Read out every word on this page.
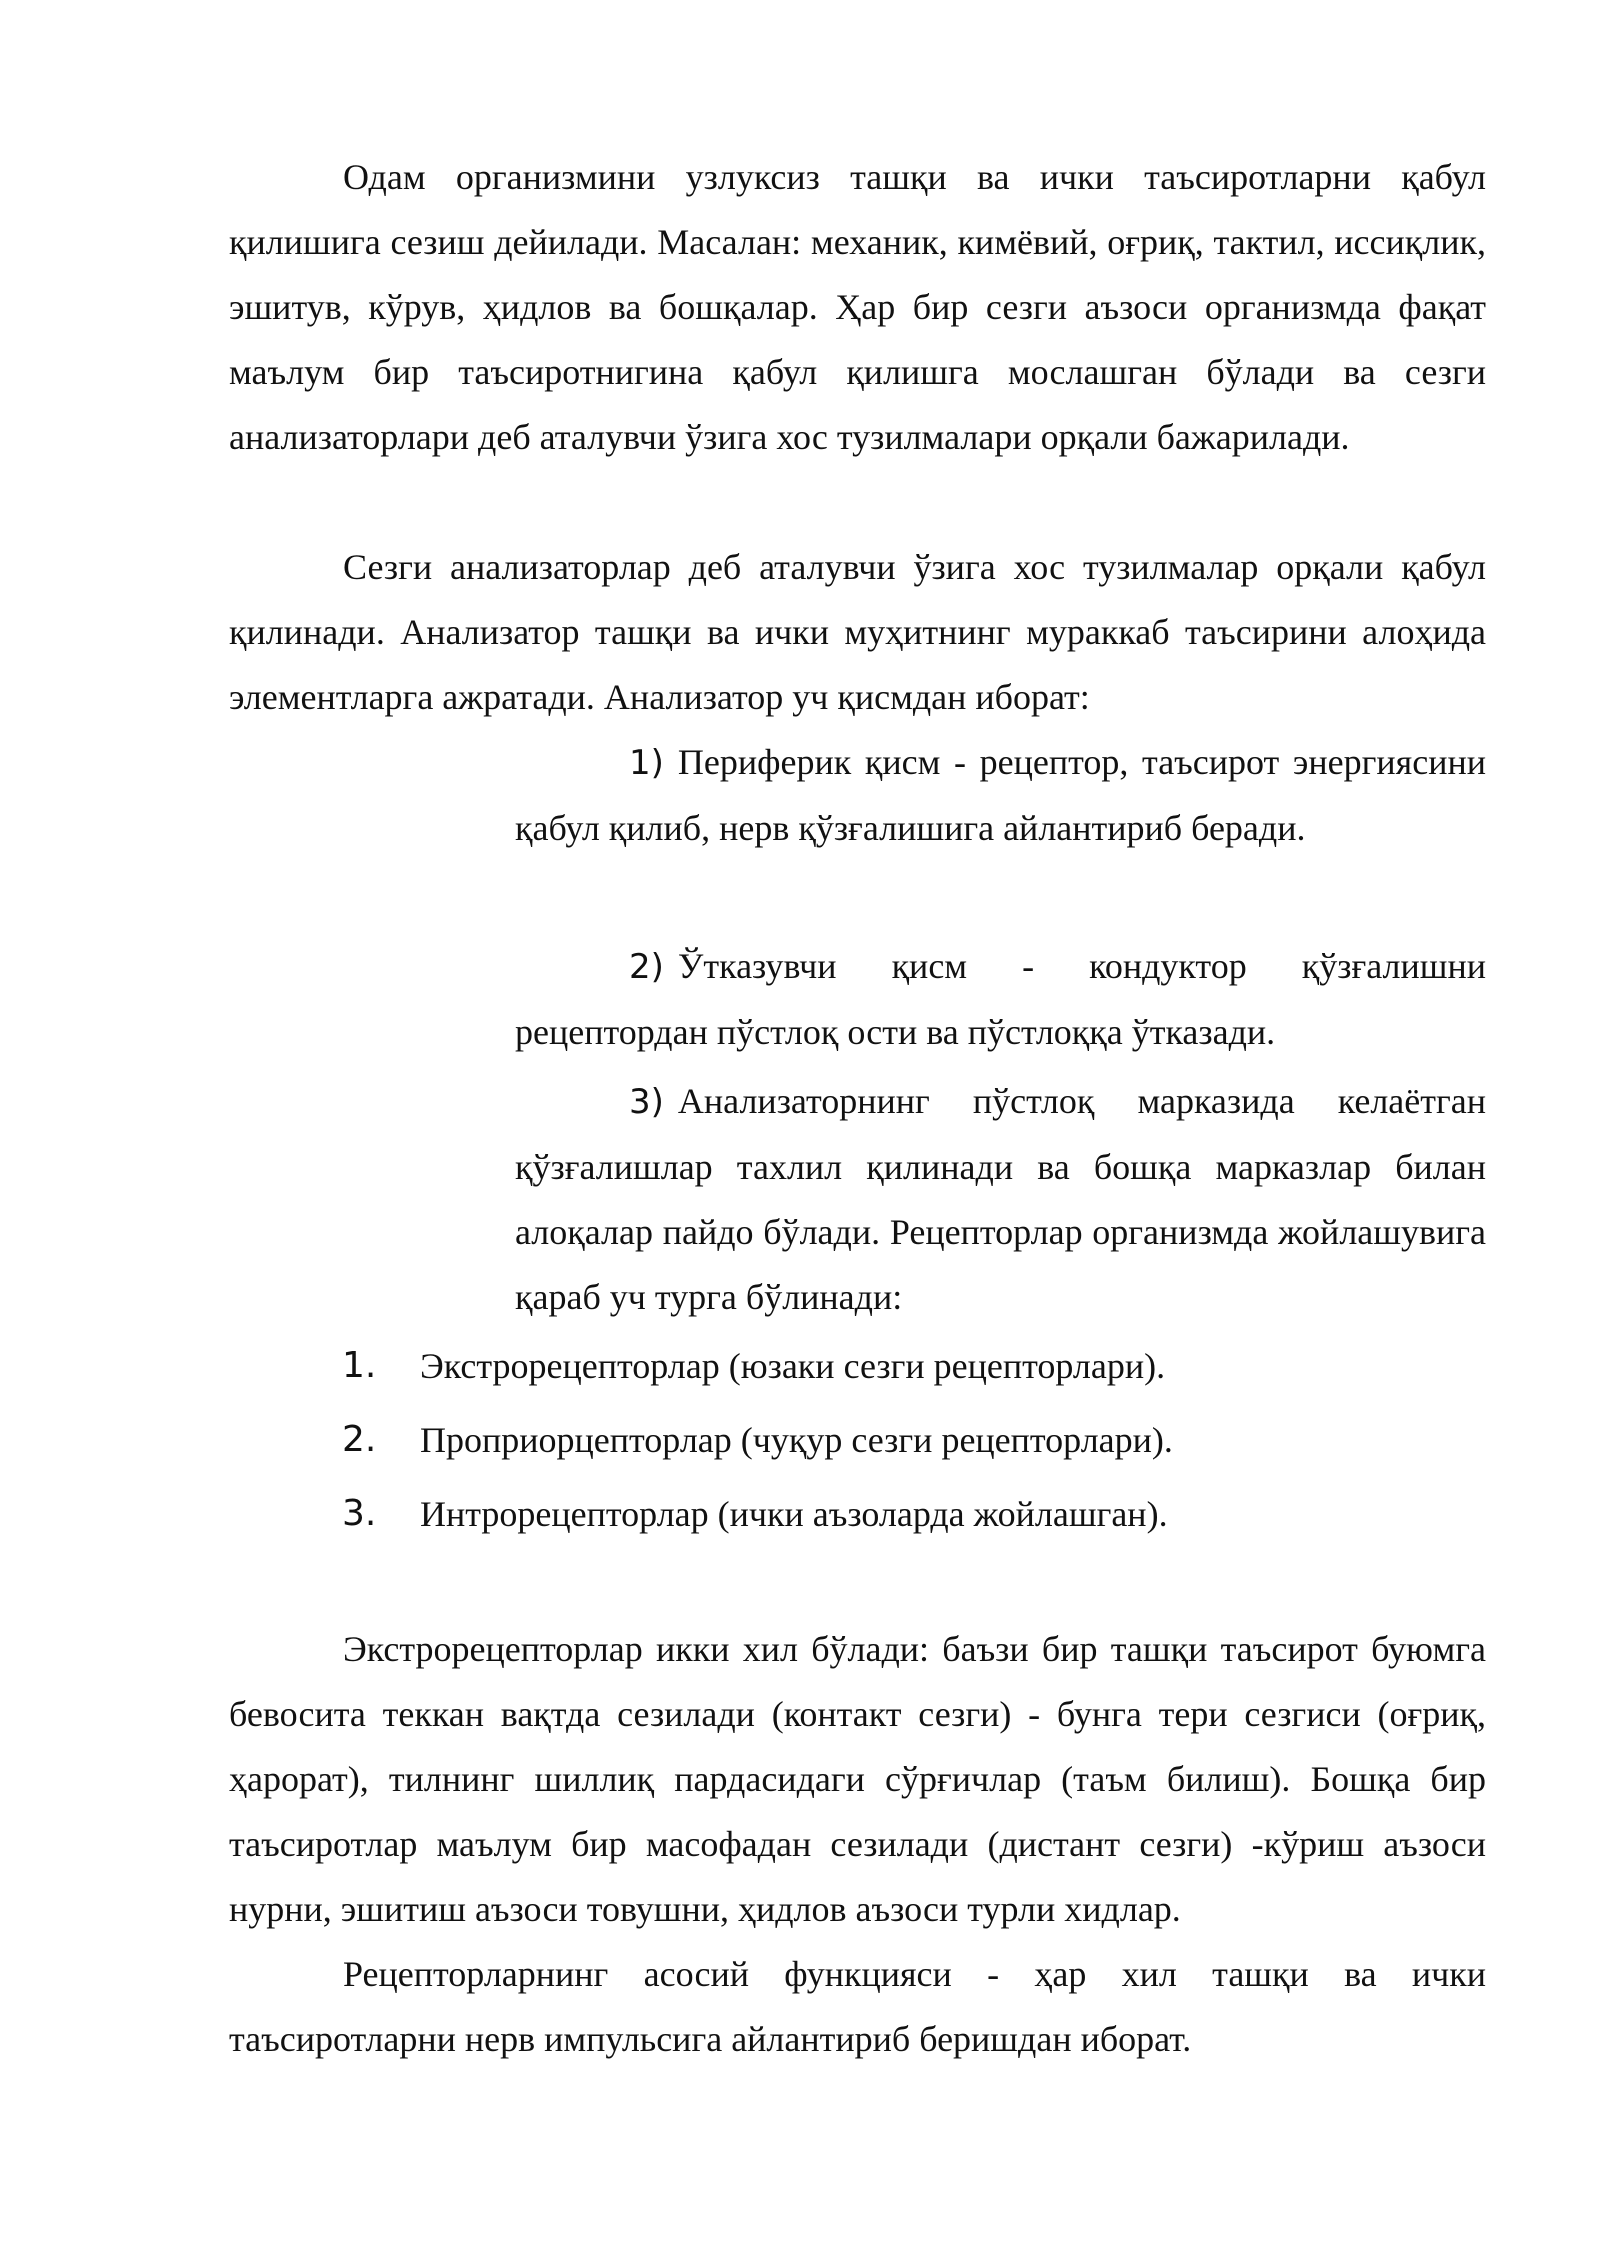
Одам организмини узлуксиз ташқи ва ички таъсиротларни қабул қилишига сезиш дейилади. Масалан: механик, кимёвий, оғриқ, тактил, иссиқлик, эшитув, кўрув, ҳидлов ва бошқалар. Ҳар бир сезги аъзоси организмда фақат маълум бир таъсиротнигина қабул қилишга мослашган бўлади ва сезги анализаторлари деб аталувчи ўзига хос тузилмалари орқали бажарилади.

Сезги анализаторлар деб аталувчи ўзига хос тузилмалар орқали қабул қилинади. Анализатор ташқи ва ички муҳитнинг мураккаб таъсирини алоҳида элементларга ажратади. Анализатор уч қисмдан иборат:

1) Периферик қисм - рецептор, таъсирот энергиясини қабул қилиб, нерв қўзғалишига айлантириб беради.

2) Ўтказувчи қисм - кондуктор қўзғалишни рецептордан пўстлоқ ости ва пўстлоққа ўтказади.

3) Анализаторнинг пўстлоқ марказида келаётган қўзғалишлар тахлил қилинади ва бошқа марказлар билан алоқалар пайдо бўлади. Рецепторлар организмда жойлашувига қараб уч турга бўлинади:

1. Экстрорецепторлар (юзаки сезги рецепторлари).
2. Проприорцепторлар (чуқур сезги рецепторлари).
3. Интрорецепторлар (ички аъзоларда жойлашган).

Экстрорецепторлар икки хил бўлади: баъзи бир ташқи таъсирот буюмга бевосита теккан вақтда сезилади (контакт сезги) - бунга тери сезгиси (оғриқ, ҳарорат), тилнинг шиллиқ пардасидаги сўрғичлар (таъм билиш). Бошқа бир таъсиротлар маълум бир масофадан сезилади (дистант сезги) -кўриш аъзоси нурни, эшитиш аъзоси товушни, ҳидлов аъзоси турли хидлар.

Рецепторларнинг асосий функцияси - ҳар хил ташқи ва ички таъсиротларни нерв импульсига айлантириб беришдан иборат.
